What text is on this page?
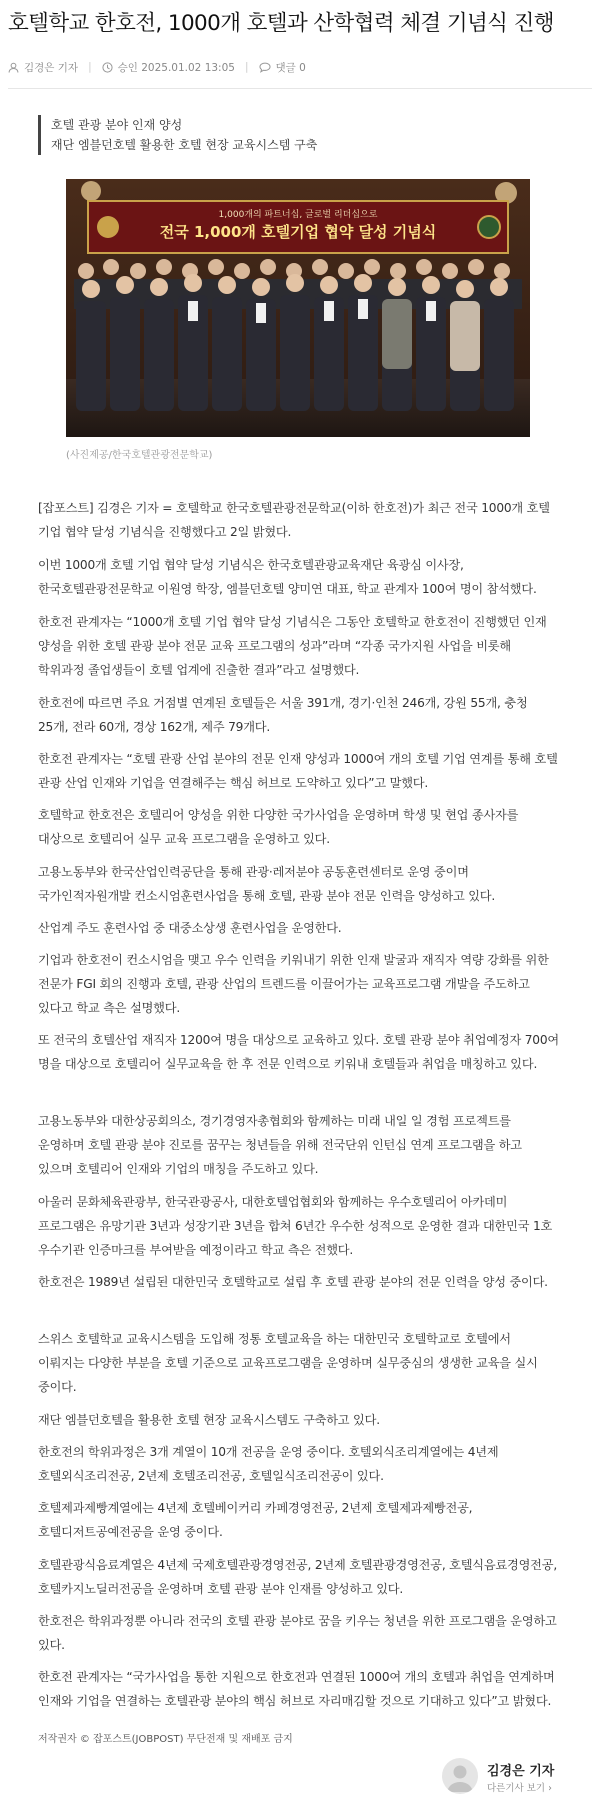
호텔학교 한호전, 1000개 호텔과 산학협력 체결 기념식 진행
김경은 기자 | 승인 2025.01.02 13:05 |	댓글 0
호텔 관광 분야 인재 양성
재단 엠블던호텔 활용한 호텔 현장 교육시스템 구축
1,000개의 파트너십, 글로벌 리더십으로
전국 1,000개 호텔기업 협약 달성 기념식
(사진제공/한국호텔관광전문학교)

[잡포스트] 김경은 기자 = 호텔학교 한국호텔관광전문학교(이하 한호전)가 최근 전국 1000개 호텔 기업 협약 달성 기념식을 진행했다고 2일 밝혔다.

이번 1000개 호텔 기업 협약 달성 기념식은 한국호텔관광교육재단 육광심 이사장, 한국호텔관광전문학교 이원영 학장, 엠블던호텔 양미연 대표, 학교 관계자 100여 명이 참석했다.

한호전 관계자는 “1000개 호텔 기업 협약 달성 기념식은 그동안 호텔학교 한호전이 진행했던 인재 양성을 위한 호텔 관광 분야 전문 교육 프로그램의 성과”라며 “각종 국가지원 사업을 비롯해 학위과정 졸업생들이 호텔 업계에 진출한 결과”라고 설명했다.

한호전에 따르면 주요 거점별 연계된 호텔들은 서울 391개, 경기·인천 246개, 강원 55개, 충청 25개, 전라 60개, 경상 162개, 제주 79개다.

한호전 관계자는 “호텔 관광 산업 분야의 전문 인재 양성과 1000여 개의 호텔 기업 연계를 통해 호텔 관광 산업 인재와 기업을 연결해주는 핵심 허브로 도약하고 있다”고 말했다.

호텔학교 한호전은 호텔리어 양성을 위한 다양한 국가사업을 운영하며 학생 및 현업 종사자를 대상으로 호텔리어 실무 교육 프로그램을 운영하고 있다.

고용노동부와 한국산업인력공단을 통해 관광·레저분야 공동훈련센터로 운영 중이며 국가인적자원개발 컨소시엄훈련사업을 통해 호텔, 관광 분야 전문 인력을 양성하고 있다.

산업계 주도 훈련사업 중 대중소상생 훈련사업을 운영한다.

기업과 한호전이 컨소시엄을 맺고 우수 인력을 키워내기 위한 인재 발굴과 재직자 역량 강화를 위한 전문가 FGI 회의 진행과 호텔, 관광 산업의 트렌드를 이끌어가는 교육프로그램 개발을 주도하고 있다고 학교 측은 설명했다.

또 전국의 호텔산업 재직자 1200여 명을 대상으로 교육하고 있다. 호텔 관광 분야 취업예정자 700여 명을 대상으로 호텔리어 실무교육을 한 후 전문 인력으로 키워내 호텔들과 취업을 매칭하고 있다.

고용노동부와 대한상공회의소, 경기경영자총협회와 함께하는 미래 내일 일 경험 프로젝트를 운영하며 호텔 관광 분야 진로를 꿈꾸는 청년들을 위해 전국단위 인턴십 연계 프로그램을 하고 있으며 호텔리어 인재와 기업의 매칭을 주도하고 있다.

아울러 문화체육관광부, 한국관광공사, 대한호텔업협회와 함께하는 우수호텔리어 아카데미 프로그램은 유망기관 3년과 성장기관 3년을 합쳐 6년간 우수한 성적으로 운영한 결과 대한민국 1호 우수기관 인증마크를 부여받을 예정이라고 학교 측은 전했다.

한호전은 1989년 설립된 대한민국 호텔학교로 설립 후 호텔 관광 분야의 전문 인력을 양성 중이다.

스위스 호텔학교 교육시스템을 도입해 정통 호텔교육을 하는 대한민국 호텔학교로 호텔에서 이뤄지는 다양한 부분을 호텔 기준으로 교육프로그램을 운영하며 실무중심의 생생한 교육을 실시 중이다.

재단 엠블던호텔을 활용한 호텔 현장 교육시스템도 구축하고 있다.

한호전의 학위과정은 3개 계열이 10개 전공을 운영 중이다. 호텔외식조리계열에는 4년제 호텔외식조리전공, 2년제 호텔조리전공, 호텔일식조리전공이 있다.

호텔제과제빵계열에는 4년제 호텔베이커리 카페경영전공, 2년제 호텔제과제빵전공, 호텔디저트공예전공을 운영 중이다.

호텔관광식음료계열은 4년제 국제호텔관광경영전공, 2년제 호텔관광경영전공, 호텔식음료경영전공, 호텔카지노딜러전공을 운영하며 호텔 관광 분야 인재를 양성하고 있다.

한호전은 학위과정뿐 아니라 전국의 호텔 관광 분야로 꿈을 키우는 청년을 위한 프로그램을 운영하고 있다.

한호전 관계자는 “국가사업을 통한 지원으로 한호전과 연결된 1000여 개의 호텔과 취업을 연계하며 인재와 기업을 연결하는 호텔관광 분야의 핵심 허브로 자리매김할 것으로 기대하고 있다”고 밝혔다.

저작권자 © 잡포스트(JOBPOST) 무단전재 및 재배포 금지
김경은 기자
다른기사 보기 ›
